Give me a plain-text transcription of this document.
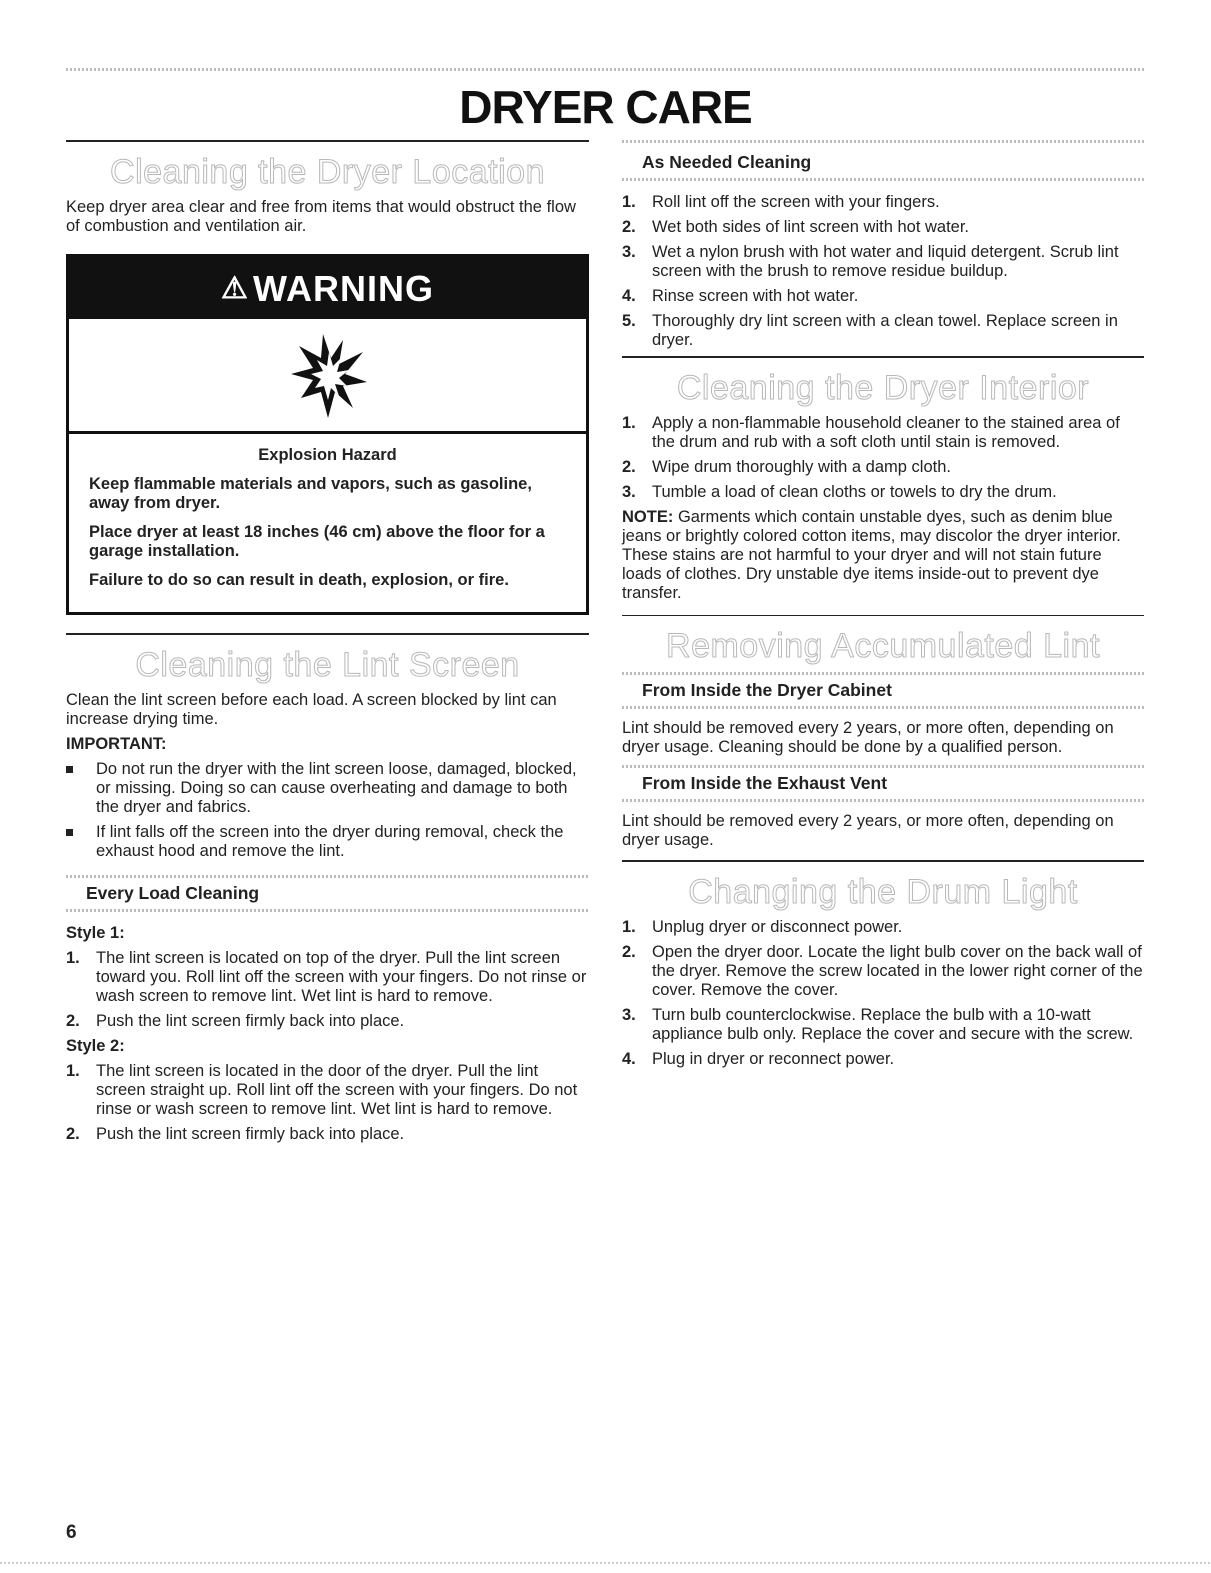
DRYER CARE
Cleaning the Dryer Location

Keep dryer area clear and free from items that would obstruct the flow of combustion and ventilation air.

⚠ WARNING

Explosion Hazard

Keep flammable materials and vapors, such as gasoline, away from dryer.

Place dryer at least 18 inches (46 cm) above the floor for a garage installation.

Failure to do so can result in death, explosion, or fire.

Cleaning the Lint Screen

Clean the lint screen before each load. A screen blocked by lint can increase drying time.

IMPORTANT:

Do not run the dryer with the lint screen loose, damaged, blocked, or missing. Doing so can cause overheating and damage to both the dryer and fabrics.
If lint falls off the screen into the dryer during removal, check the exhaust hood and remove the lint.
Every Load Cleaning

Style 1:

1. The lint screen is located on top of the dryer. Pull the lint screen toward you. Roll lint off the screen with your fingers. Do not rinse or wash screen to remove lint. Wet lint is hard to remove.
2. Push the lint screen firmly back into place.

Style 2:

1. The lint screen is located in the door of the dryer. Pull the lint screen straight up. Roll lint off the screen with your fingers. Do not rinse or wash screen to remove lint. Wet lint is hard to remove.
2. Push the lint screen firmly back into place.
As Needed Cleaning
1. Roll lint off the screen with your fingers.
2. Wet both sides of lint screen with hot water.
3. Wet a nylon brush with hot water and liquid detergent. Scrub lint screen with the brush to remove residue buildup.
4. Rinse screen with hot water.
5. Thoroughly dry lint screen with a clean towel. Replace screen in dryer.
Cleaning the Dryer Interior
1. Apply a non-flammable household cleaner to the stained area of the drum and rub with a soft cloth until stain is removed.
2. Wipe drum thoroughly with a damp cloth.
3. Tumble a load of clean cloths or towels to dry the drum.

NOTE: Garments which contain unstable dyes, such as denim blue jeans or brightly colored cotton items, may discolor the dryer interior. These stains are not harmful to your dryer and will not stain future loads of clothes. Dry unstable dye items inside-out to prevent dye transfer.

Removing Accumulated Lint
From Inside the Dryer Cabinet

Lint should be removed every 2 years, or more often, depending on dryer usage. Cleaning should be done by a qualified person.

From Inside the Exhaust Vent

Lint should be removed every 2 years, or more often, depending on dryer usage.

Changing the Drum Light
1. Unplug dryer or disconnect power.
2. Open the dryer door. Locate the light bulb cover on the back wall of the dryer. Remove the screw located in the lower right corner of the cover. Remove the cover.
3. Turn bulb counterclockwise. Replace the bulb with a 10-watt appliance bulb only. Replace the cover and secure with the screw.
4. Plug in dryer or reconnect power.
6
